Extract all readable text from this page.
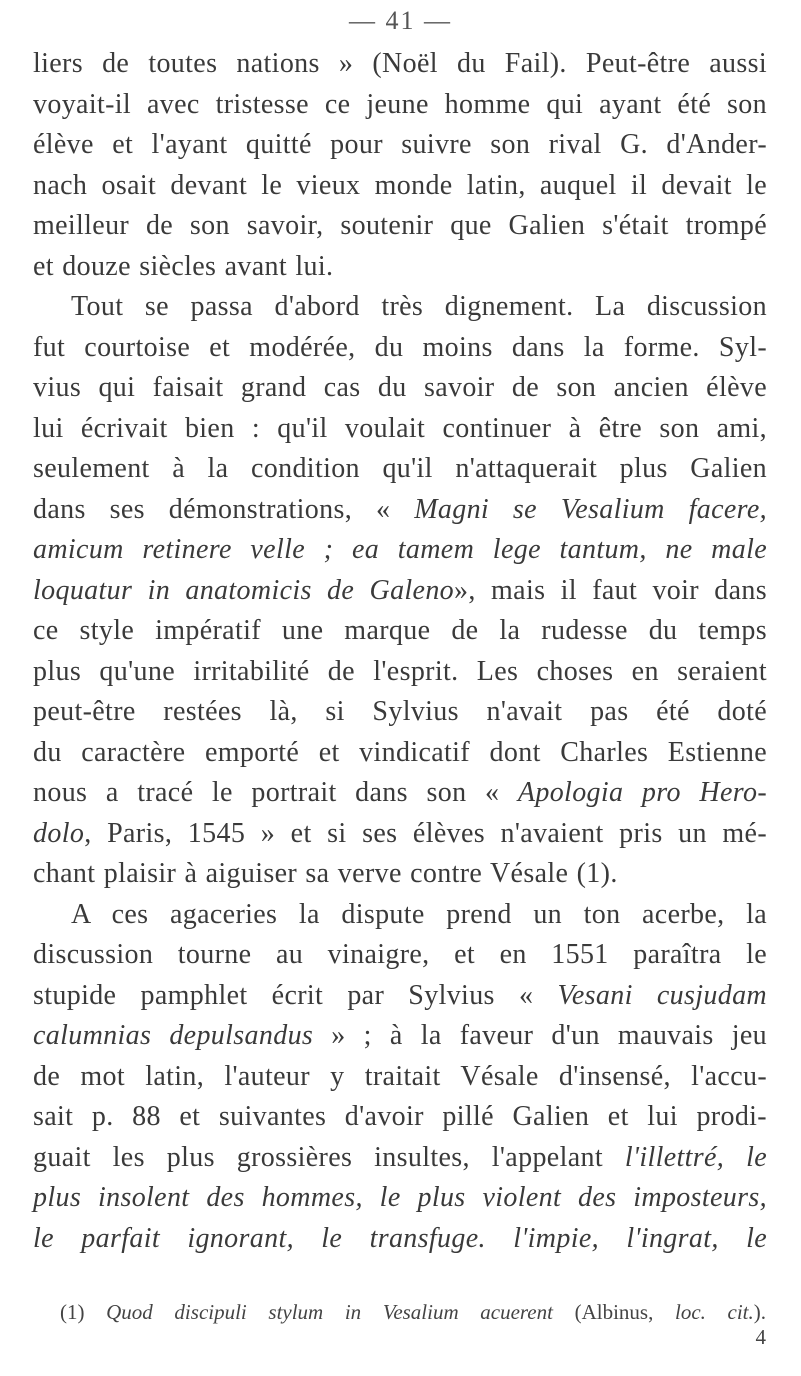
— 41 —
liers de toutes nations » (Noël du Fail). Peut-être aussi
voyait-il avec tristesse ce jeune homme qui ayant été son
élève et l'ayant quitté pour suivre son rival G. d'Ander-
nach osait devant le vieux monde latin, auquel il devait le
meilleur de son savoir, soutenir que Galien s'était trompé
et douze siècles avant lui.
Tout se passa d'abord très dignement. La discussion
fut courtoise et modérée, du moins dans la forme. Syl-
vius qui faisait grand cas du savoir de son ancien élève
lui écrivait bien : qu'il voulait continuer à être son ami,
seulement à la condition qu'il n'attaquerait plus Galien
dans ses démonstrations, « Magni se Vesalium facere,
amicum retinere velle ; ea tamem lege tantum, ne male
loquatur in anatomicis de Galeno», mais il faut voir dans
ce style impératif une marque de la rudesse du temps
plus qu'une irritabilité de l'esprit. Les choses en seraient
peut-être restées là, si Sylvius n'avait pas été doté
du caractère emporté et vindicatif dont Charles Estienne
nous a tracé le portrait dans son « Apologia pro Hero-
dolo, Paris, 1545 » et si ses élèves n'avaient pris un mé-
chant plaisir à aiguiser sa verve contre Vésale (1).
A ces agaceries la dispute prend un ton acerbe, la
discussion tourne au vinaigre, et en 1551 paraîtra le
stupide pamphlet écrit par Sylvius « Vesani cusjudam
calumnias depulsandus » ; à la faveur d'un mauvais jeu
de mot latin, l'auteur y traitait Vésale d'insensé, l'accu-
sait p. 88 et suivantes d'avoir pillé Galien et lui prodi-
guait les plus grossières insultes, l'appelant l'illettré, le
plus insolent des hommes, le plus violent des imposteurs,
le parfait ignorant, le transfuge. l'impie, l'ingrat, le
(1) Quod discipuli stylum in Vesalium acuerent (Albinus, loc. cit.).
4
